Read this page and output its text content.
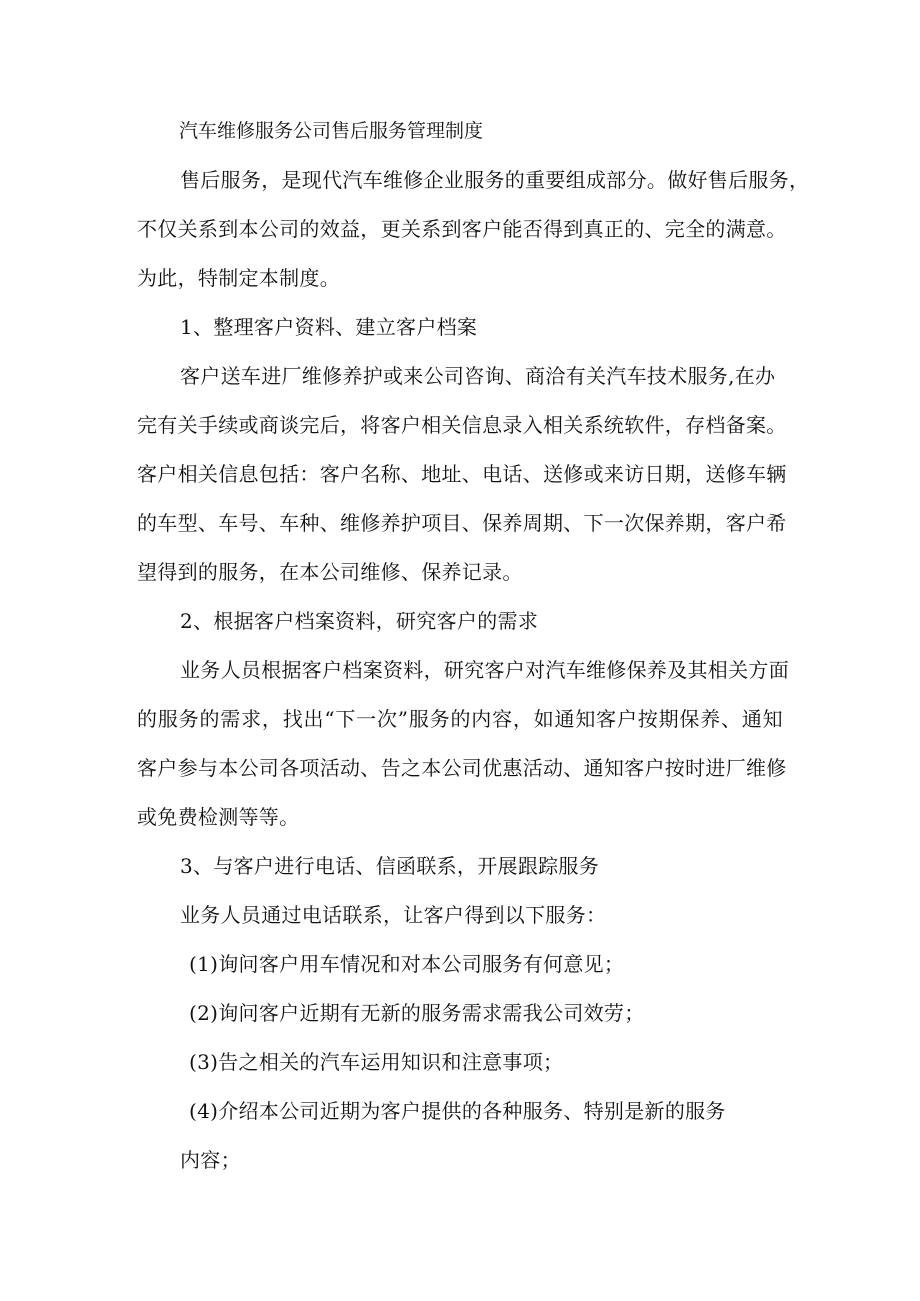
汽车维修服务公司售后服务管理制度
售后服务，是现代汽车维修企业服务的重要组成部分。做好售后服务，
不仅关系到本公司的效益，更关系到客户能否得到真正的、完全的满意。
为此，特制定本制度。
1、整理客户资料、建立客户档案
客户送车进厂维修养护或来公司咨询、商洽有关汽车技术服务,在办
完有关手续或商谈完后，将客户相关信息录入相关系统软件，存档备案。
客户相关信息包括：客户名称、地址、电话、送修或来访日期，送修车辆
的车型、车号、车种、维修养护项目、保养周期、下一次保养期，客户希
望得到的服务，在本公司维修、保养记录。
2、根据客户档案资料，研究客户的需求
业务人员根据客户档案资料，研究客户对汽车维修保养及其相关方面
的服务的需求，找出“下一次”服务的内容，如通知客户按期保养、通知
客户参与本公司各项活动、告之本公司优惠活动、通知客户按时进厂维修
或免费检测等等。
3、与客户进行电话、信函联系，开展跟踪服务
业务人员通过电话联系，让客户得到以下服务：
(1)询问客户用车情况和对本公司服务有何意见；
(2)询问客户近期有无新的服务需求需我公司效劳；
(3)告之相关的汽车运用知识和注意事项；
(4)介绍本公司近期为客户提供的各种服务、特别是新的服务
内容；
